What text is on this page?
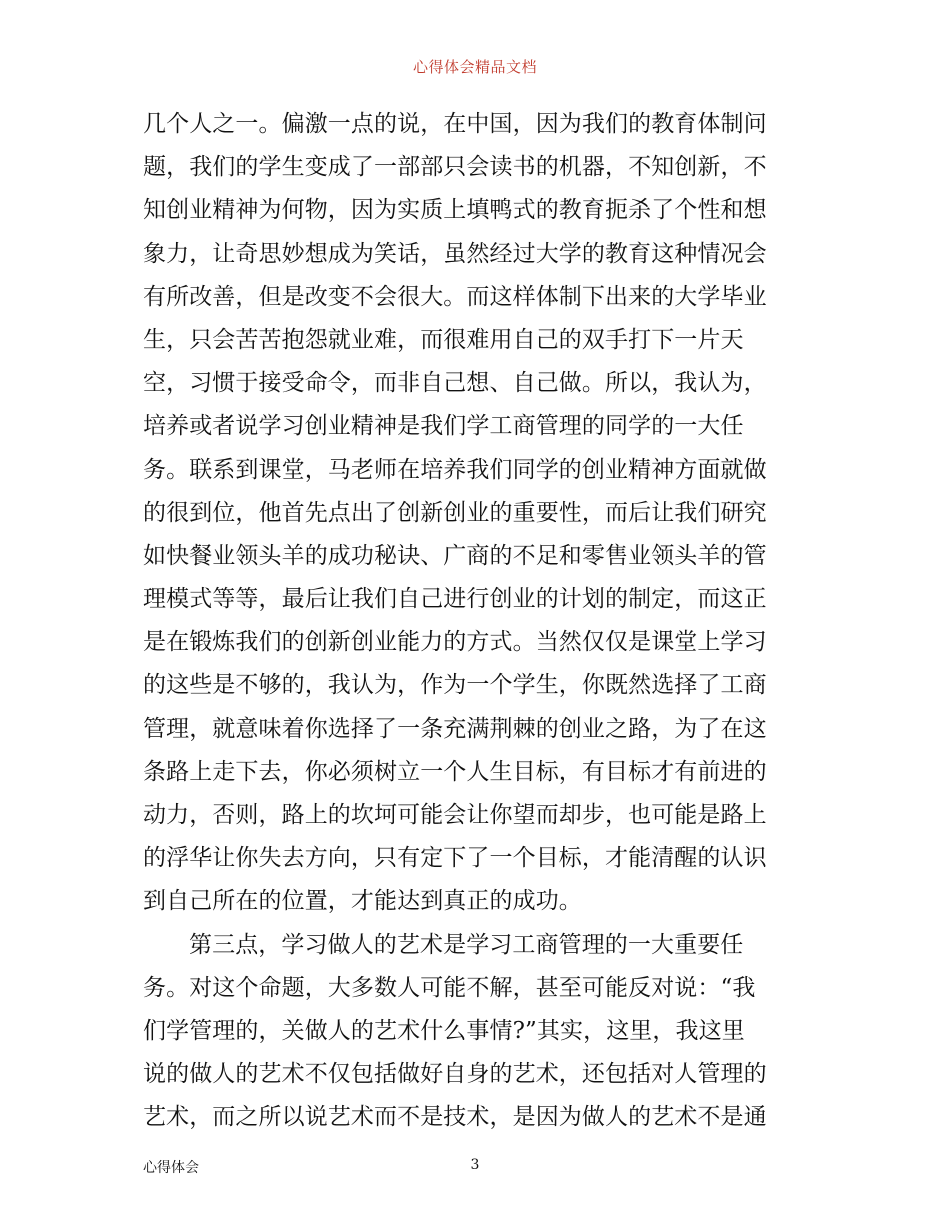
心得体会精品文档
几个人之一。偏激一点的说，在中国，因为我们的教育体制问
题，我们的学生变成了一部部只会读书的机器，不知创新，不
知创业精神为何物，因为实质上填鸭式的教育扼杀了个性和想
象力，让奇思妙想成为笑话，虽然经过大学的教育这种情况会
有所改善，但是改变不会很大。而这样体制下出来的大学毕业
生，只会苦苦抱怨就业难，而很难用自己的双手打下一片天
空，习惯于接受命令，而非自己想、自己做。所以，我认为，
培养或者说学习创业精神是我们学工商管理的同学的一大任
务。联系到课堂，马老师在培养我们同学的创业精神方面就做
的很到位，他首先点出了创新创业的重要性，而后让我们研究
如快餐业领头羊的成功秘诀、广商的不足和零售业领头羊的管
理模式等等，最后让我们自己进行创业的计划的制定，而这正
是在锻炼我们的创新创业能力的方式。当然仅仅是课堂上学习
的这些是不够的，我认为，作为一个学生，你既然选择了工商
管理，就意味着你选择了一条充满荆棘的创业之路，为了在这
条路上走下去，你必须树立一个人生目标，有目标才有前进的
动力，否则，路上的坎坷可能会让你望而却步，也可能是路上
的浮华让你失去方向，只有定下了一个目标，才能清醒的认识
到自己所在的位置，才能达到真正的成功。
第三点，学习做人的艺术是学习工商管理的一大重要任
务。对这个命题，大多数人可能不解，甚至可能反对说：“我
们学管理的，关做人的艺术什么事情?”其实，这里，我这里
说的做人的艺术不仅包括做好自身的艺术，还包括对人管理的
艺术，而之所以说艺术而不是技术，是因为做人的艺术不是通
心得体会	3
